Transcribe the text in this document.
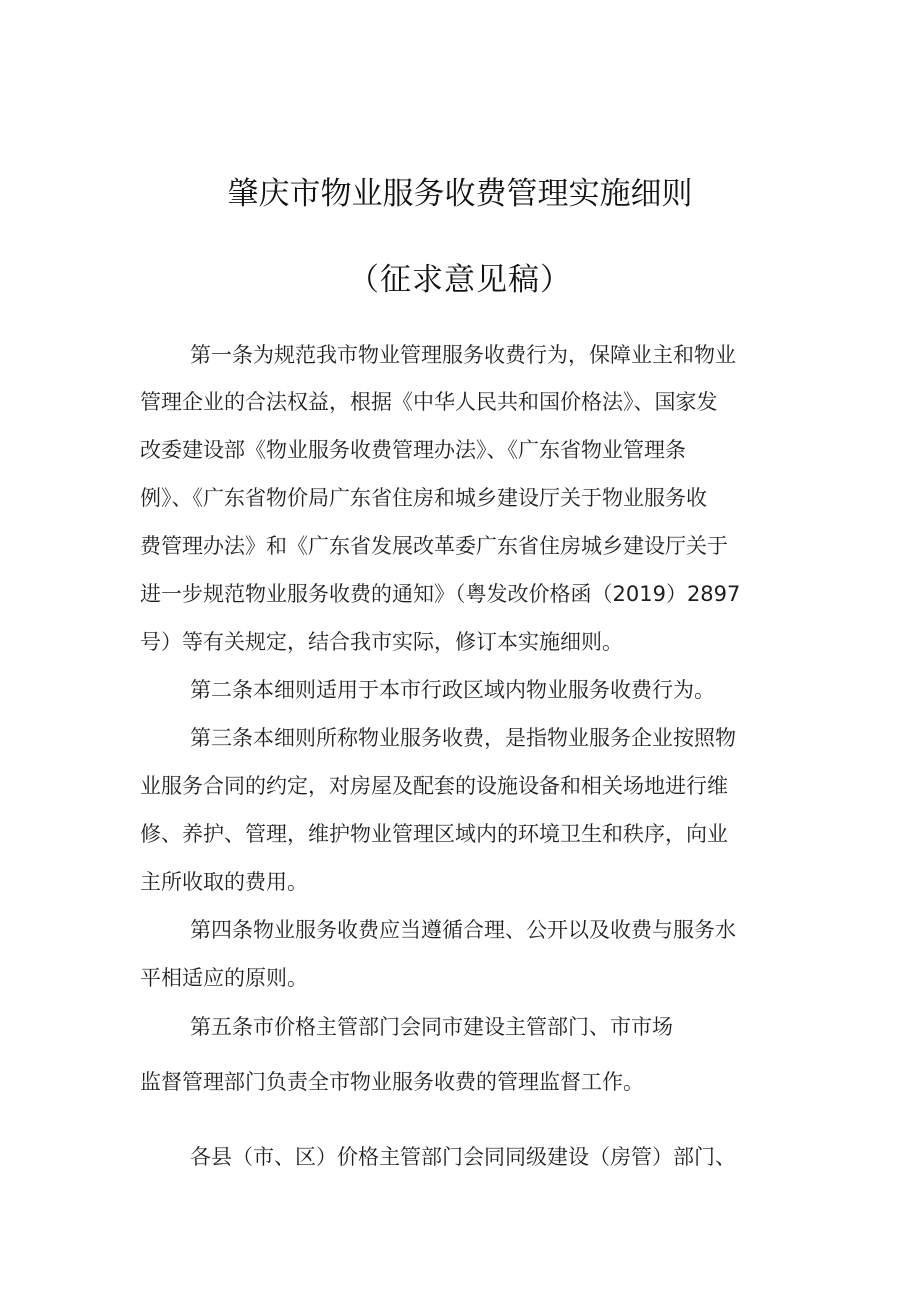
肇庆市物业服务收费管理实施细则
（征求意见稿）
第一条为规范我市物业管理服务收费行为，保障业主和物业
管理企业的合法权益，根据《中华人民共和国价格法》、国家发
改委建设部《物业服务收费管理办法》、《广东省物业管理条
例》、《广东省物价局广东省住房和城乡建设厅关于物业服务收
费管理办法》和《广东省发展改革委广东省住房城乡建设厅关于
进一步规范物业服务收费的通知》（粤发改价格函（2019）2897
号）等有关规定，结合我市实际，修订本实施细则。
第二条本细则适用于本市行政区域内物业服务收费行为。
第三条本细则所称物业服务收费，是指物业服务企业按照物
业服务合同的约定，对房屋及配套的设施设备和相关场地进行维
修、养护、管理，维护物业管理区域内的环境卫生和秩序，向业
主所收取的费用。
第四条物业服务收费应当遵循合理、公开以及收费与服务水
平相适应的原则。
第五条市价格主管部门会同市建设主管部门、市市场
监督管理部门负责全市物业服务收费的管理监督工作。
各县（市、区）价格主管部门会同同级建设（房管）部门、
